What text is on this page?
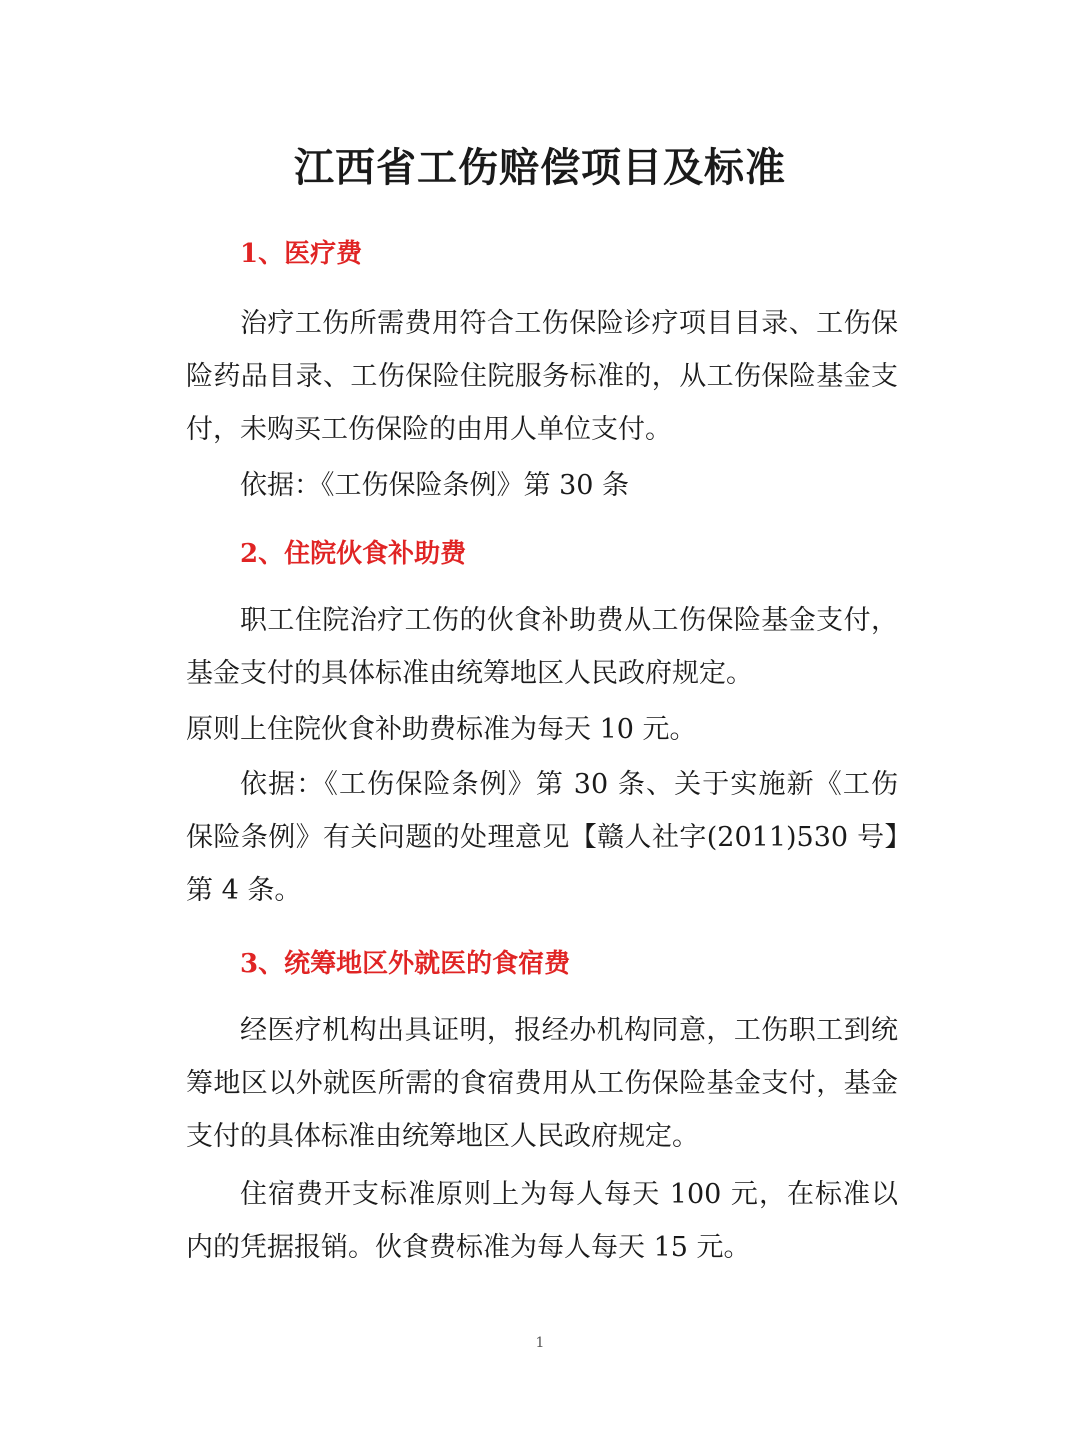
江西省工伤赔偿项目及标准
1、医疗费

治疗工伤所需费用符合工伤保险诊疗项目目录、工伤保险药品目录、工伤保险住院服务标准的，从工伤保险基金支付，未购买工伤保险的由用人单位支付。

依据：《工伤保险条例》第 30 条

2、住院伙食补助费

职工住院治疗工伤的伙食补助费从工伤保险基金支付，基金支付的具体标准由统筹地区人民政府规定。

原则上住院伙食补助费标准为每天 10 元。

依据：《工伤保险条例》第 30 条、关于实施新《工伤保险条例》有关问题的处理意见【赣人社字(2011)530 号】第 4 条。

3、统筹地区外就医的食宿费

经医疗机构出具证明，报经办机构同意，工伤职工到统筹地区以外就医所需的食宿费用从工伤保险基金支付，基金支付的具体标准由统筹地区人民政府规定。

住宿费开支标准原则上为每人每天 100 元，在标准以内的凭据报销。伙食费标准为每人每天 15 元。

1
